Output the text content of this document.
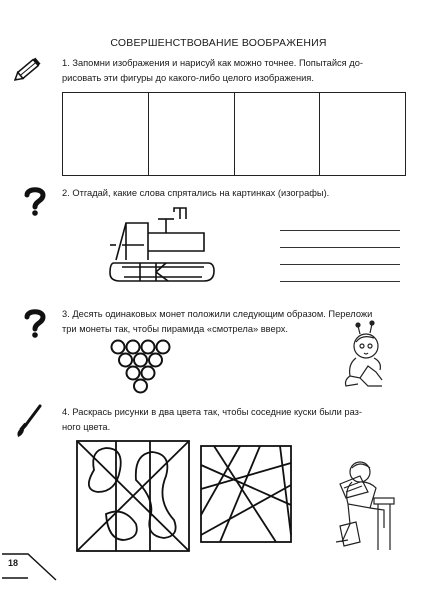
СОВЕРШЕНСТВОВАНИЕ ВООБРАЖЕНИЯ
1. Запомни изображения и нарисуй как можно точнее. Попытайся до-
рисовать эти фигуры до какого-либо целого изображения.
2. Отгадай, какие слова спрятались на картинках (изографы).
3. Десять одинаковых монет положили следующим образом. Переложи
три монеты так, чтобы пирамида «смотрела» вверх.
4. Раскрась рисунки в два цвета так, чтобы соседние куски были раз-
ного цвета.
18
